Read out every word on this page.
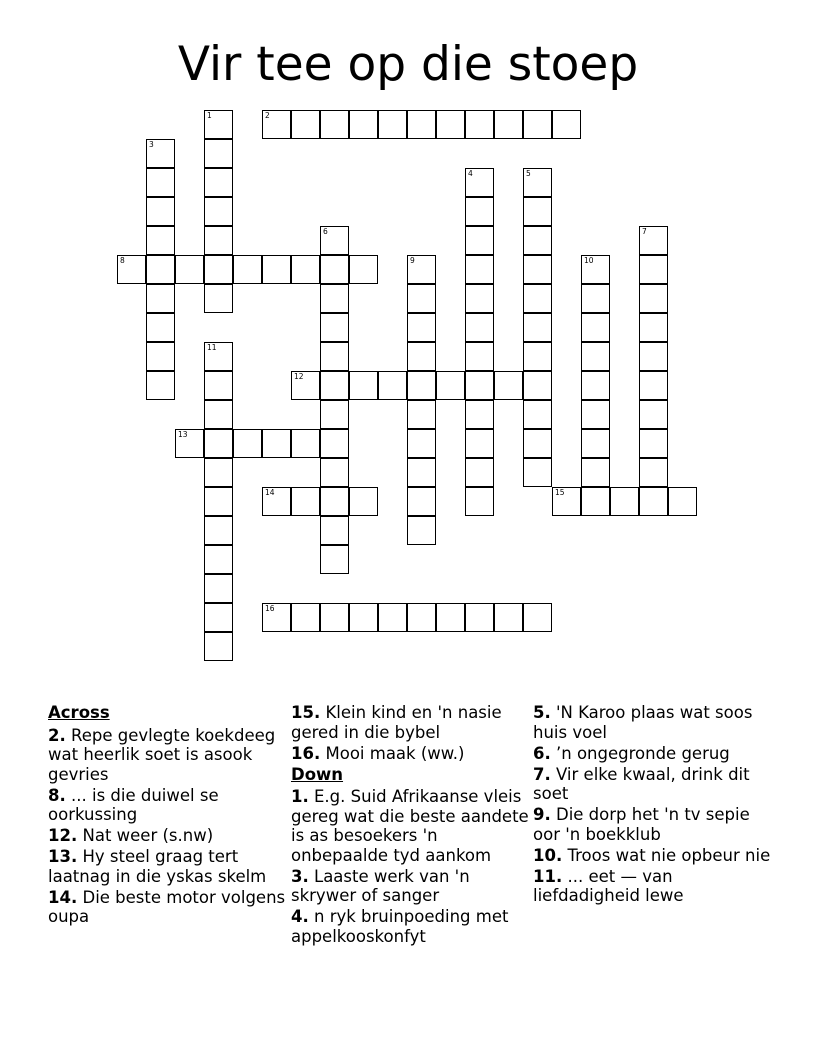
Vir tee op die stoep
1	2
3
4	5
6	7
8	9	10
11
12
13
14	15
16

Across

2. Repe gevlegte koekdeeg wat heerlik soet is asook gevries

8. ... is die duiwel se oorkussing

12. Nat weer (s.nw)

13. Hy steel graag tert laatnag in die yskas skelm

14. Die beste motor volgens oupa

15. Klein kind en 'n nasie gered in die bybel

16. Mooi maak (ww.)

Down

1. E.g. Suid Afrikaanse vleis gereg wat die beste aandete is as besoekers 'n onbepaalde tyd aankom

3. Laaste werk van 'n skrywer of sanger

4. n ryk bruinpoeding met appelkooskonfyt

5. 'N Karoo plaas wat soos huis voel

6. ’n ongegronde gerug

7. Vir elke kwaal, drink dit soet

9. Die dorp het 'n tv sepie oor 'n boekklub

10. Troos wat nie opbeur nie

11. ... eet — van liefdadigheid lewe
